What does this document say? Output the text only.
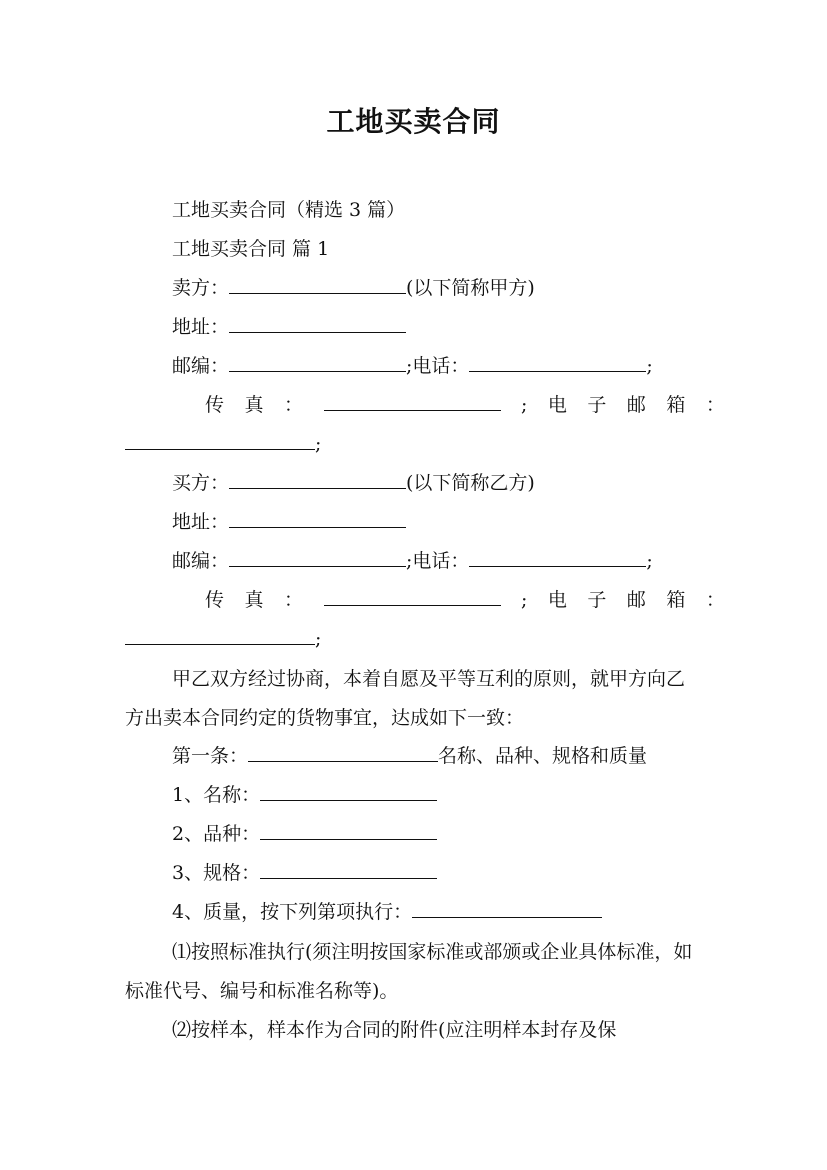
工地买卖合同
工地买卖合同（精选 3 篇）
工地买卖合同 篇 1
卖方：	(以下简称甲方)
地址：
邮编：	;电话：	;
传 真 ：	; 电 子 邮 箱 ：
;
买方：	(以下简称乙方)
地址：
邮编：	;电话：	;
传 真 ：	; 电 子 邮 箱 ：
;
甲乙双方经过协商，本着自愿及平等互利的原则，就甲方向乙方出卖本合同约定的货物事宜，达成如下一致：
第一条：	名称、品种、规格和质量
1、名称：
2、品种：
3、规格：
4、质量，按下列第项执行：
⑴按照标准执行(须注明按国家标准或部颁或企业具体标准，如标准代号、编号和标准名称等)。
⑵按样本，样本作为合同的附件(应注明样本封存及保
